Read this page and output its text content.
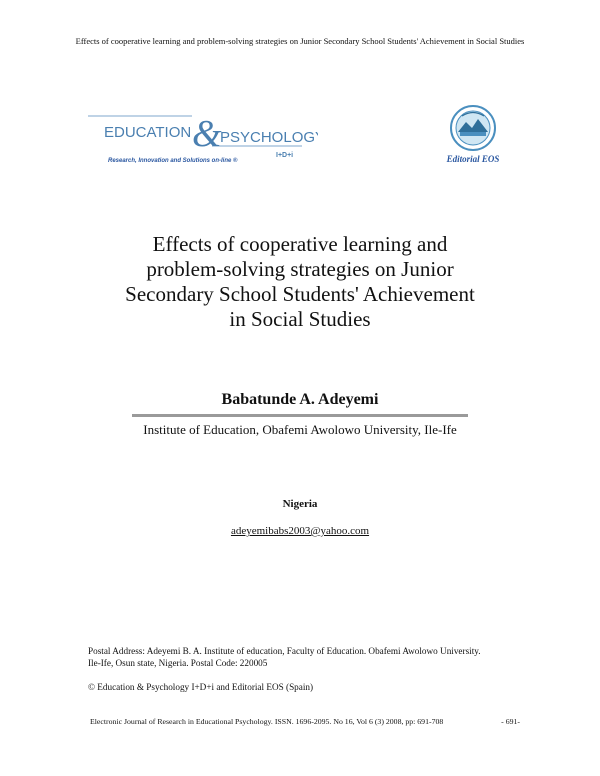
Effects of cooperative learning and problem-solving strategies on Junior Secondary School Students' Achievement in Social Studies
EDUCATION &
PSYCHOLOGY
I+D+i
Research, Innovation and Solutions on-line ®	Editorial EOS
Effects of cooperative learning and
problem-solving strategies on Junior
Secondary School Students' Achievement
in Social Studies
Babatunde A. Adeyemi
Institute of Education, Obafemi Awolowo University, Ile-Ife
Nigeria
adeyemibabs2003@yahoo.com
Postal Address: Adeyemi B. A. Institute of education, Faculty of Education. Obafemi Awolowo University.
Ile-Ife, Osun state, Nigeria. Postal Code: 220005
© Education & Psychology I+D+i and Editorial EOS (Spain)
Electronic Journal of Research in Educational Psychology. ISSN. 1696-2095. No 16, Vol 6 (3) 2008, pp: 691-708	- 691-
